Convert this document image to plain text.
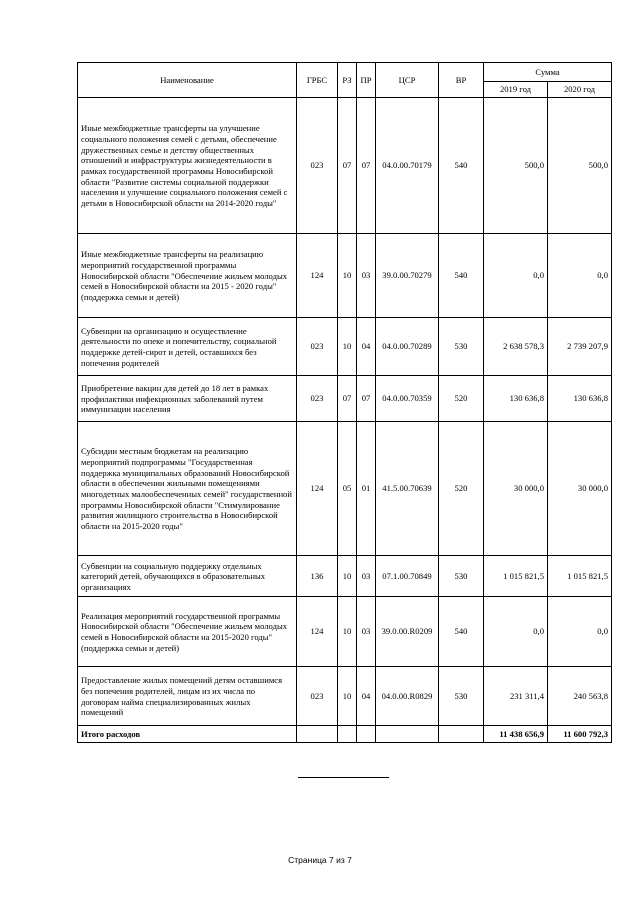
Наименование	ГРБС	РЗ	ПР	ЦСР	ВР	Сумма	
						2019 год	2020 год
Иные межбюджетные трансферты на улучшение социального положения семей с детьми, обеспечение дружественных семье и детству общественных отношений и инфраструктуры жизнедеятельности в рамках государственной программы Новосибирской области "Развитие системы социальной поддержки населения и улучшение социального положения семей с детьми в Новосибирской области на 2014-2020 годы"	023	07	07	04.0.00.70179	540	500,0	500,0
Иные межбюджетные трансферты на реализацию мероприятий государственной программы Новосибирской области "Обеспечение жильем молодых семей в Новосибирской области на 2015 - 2020 годы" (поддержка семьи и детей)	124	10	03	39.0.00.70279	540	0,0	0,0
Субвенции на организацию и осуществление деятельности по опеке и попечительству, социальной поддержке детей-сирот и детей, оставшихся без попечения родителей	023	10	04	04.0.00.70289	530	2 638 578,3	2 739 207,9
Приобретение вакцин для детей до 18 лет в рамках профилактики инфекционных заболеваний путем иммунизации населения	023	07	07	04.0.00.70359	520	130 636,8	130 636,8
Субсидии местным бюджетам на реализацию мероприятий подпрограммы "Государственная поддержка муниципальных образований Новосибирской области в обеспечении жильными помещениями многодетных малообеспеченных семей" государственной программы Новосибирской области "Стимулирование развития жилищного строительства в Новосибирской области на 2015-2020 годы"	124	05	01	41.5.00.70639	520	30 000,0	30 000,0
Субвенции на социальную поддержку отдельных категорий детей, обучающихся в образовательных организациях	136	10	03	07.1.00.70849	530	1 015 821,5	1 015 821,5
Реализация мероприятий государственной программы Новосибирской области "Обеспечение жильем молодых семей в Новосибирской области на 2015-2020 годы" (поддержка семьи и детей)	124	10	03	39.0.00.R0209	540	0,0	0,0
Предоставление жилых помещений детям оставшимся без попечения родителей, лицам из их числа по договорам найма специализированных жилых помещений	023	10	04	04.0.00.R0829	530	231 311,4	240 563,8
Итого расходов						11 438 656,9	11 600 792,3
Страница 7 из 7
